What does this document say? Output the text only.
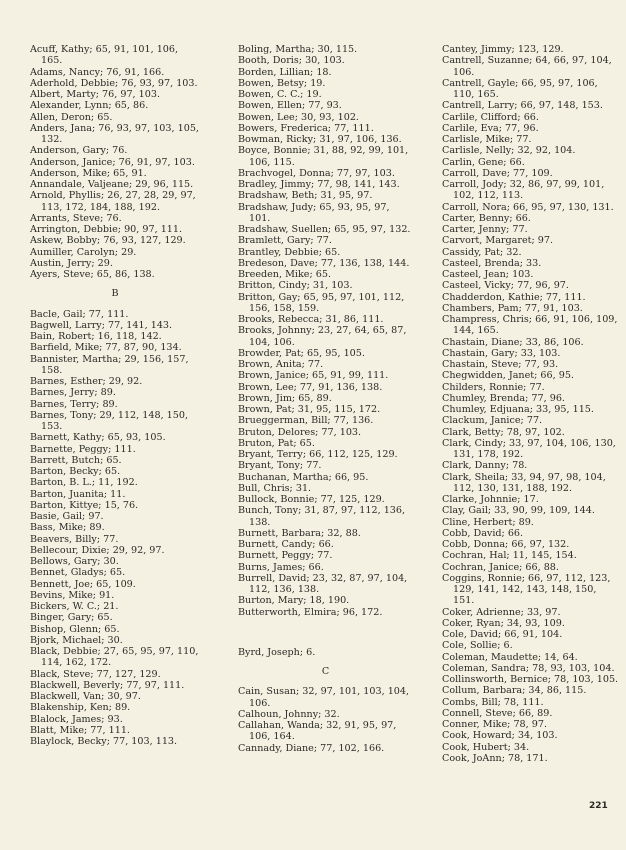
Acuff, Kathy; 65, 91, 101, 106, 165.

Adams, Nancy; 76, 91, 166.

Aderhold, Debbie; 76, 93, 97, 103.

Albert, Marty; 76, 97, 103.

Alexander, Lynn; 65, 86.

Allen, Deron; 65.

Anders, Jana; 76, 93, 97, 103, 105, 132.

Anderson, Gary; 76.

Anderson, Janice; 76, 91, 97, 103.

Anderson, Mike; 65, 91.

Annandale, Valjeane; 29, 96, 115.

Arnold, Phyllis; 26, 27, 28, 29, 97, 113, 172, 184, 188, 192.

Arrants, Steve; 76.

Arrington, Debbie; 90, 97, 111.

Askew, Bobby; 76, 93, 127, 129.

Aumiller, Carolyn; 29.

Austin, Jerry; 29.

Ayers, Steve; 65, 86, 138.

B

Bacle, Gail; 77, 111.

Bagwell, Larry; 77, 141, 143.

Bain, Robert; 16, 118, 142.

Barfield, Mike; 77, 87, 90, 134.

Bannister, Martha; 29, 156, 157, 158.

Barnes, Esther; 29, 92.

Barnes, Jerry; 89.

Barnes, Terry; 89.

Barnes, Tony; 29, 112, 148, 150, 153.

Barnett, Kathy; 65, 93, 105.

Barnette, Peggy; 111.

Barrett, Butch; 65.

Barton, Becky; 65.

Barton, B. L.; 11, 192.

Barton, Juanita; 11.

Barton, Kittye; 15, 76.

Basie, Gail; 97.

Bass, Mike; 89.

Beavers, Billy; 77.

Bellecour, Dixie; 29, 92, 97.

Bellows, Gary; 30.

Bennet, Gladys; 65.

Bennett, Joe; 65, 109.

Bevins, Mike; 91.

Bickers, W. C.; 21.

Binger, Gary; 65.

Bishop, Glenn; 65.

Bjork, Michael; 30.

Black, Debbie; 27, 65, 95, 97, 110, 114, 162, 172.

Black, Steve; 77, 127, 129.

Blackwell, Beverly; 77, 97, 111.

Blackwell, Van; 30, 97.

Blakenship, Ken; 89.

Blalock, James; 93.

Blatt, Mike; 77, 111.

Blaylock, Becky; 77, 103, 113.

Boling, Martha; 30, 115.

Booth, Doris; 30, 103.

Borden, Lillian; 18.

Bowen, Betsy; 19.

Bowen, C. C.; 19.

Bowen, Ellen; 77, 93.

Bowen, Lee; 30, 93, 102.

Bowers, Frederica; 77, 111.

Bowman, Ricky; 31, 97, 106, 136.

Boyce, Bonnie; 31, 88, 92, 99, 101, 106, 115.

Brachvogel, Donna; 77, 97, 103.

Bradley, Jimmy; 77, 98, 141, 143.

Bradshaw, Beth; 31, 95, 97.

Bradshaw, Judy; 65, 93, 95, 97, 101.

Bradshaw, Suellen; 65, 95, 97, 132.

Bramlett, Gary; 77.

Brantley, Debbie; 65.

Bredeson, Dave; 77, 136, 138, 144.

Breeden, Mike; 65.

Britton, Cindy; 31, 103.

Britton, Gay; 65, 95, 97, 101, 112, 156, 158, 159.

Brooks, Rebecca; 31, 86, 111.

Brooks, Johnny; 23, 27, 64, 65, 87, 104, 106.

Browder, Pat; 65, 95, 105.

Brown, Anita; 77.

Brown, Janice; 65, 91, 99, 111.

Brown, Lee; 77, 91, 136, 138.

Brown, Jim; 65, 89.

Brown, Pat; 31, 95, 115, 172.

Brueggerman, Bill; 77, 136.

Bruton, Delores; 77, 103.

Bruton, Pat; 65.

Bryant, Terry; 66, 112, 125, 129.

Bryant, Tony; 77.

Buchanan, Martha; 66, 95.

Bull, Chris; 31.

Bullock, Bonnie; 77, 125, 129.

Bunch, Tony; 31, 87, 97, 112, 136, 138.

Burnett, Barbara; 32, 88.

Burnett, Candy; 66.

Burnett, Peggy; 77.

Burns, James; 66.

Burrell, David; 23, 32, 87, 97, 104, 112, 136, 138.

Burton, Mary; 18, 190.

Butterworth, Elmira; 96, 172.

Byrd, Joseph; 6.

C

Cain, Susan; 32, 97, 101, 103, 104, 106.

Calhoun, Johnny; 32.

Callahan, Wanda; 32, 91, 95, 97, 106, 164.

Cannady, Diane; 77, 102, 166.

Cantey, Jimmy; 123, 129.

Cantrell, Suzanne; 64, 66, 97, 104, 106.

Cantrell, Gayle; 66, 95, 97, 106, 110, 165.

Cantrell, Larry; 66, 97, 148, 153.

Carlile, Clifford; 66.

Carlile, Eva; 77, 96.

Carlisle, Mike; 77.

Carlisle, Nelly; 32, 92, 104.

Carlin, Gene; 66.

Carroll, Dave; 77, 109.

Carroll, Jody; 32, 86, 97, 99, 101, 102, 112, 113.

Carroll, Nora; 66, 95, 97, 130, 131.

Carter, Benny; 66.

Carter, Jenny; 77.

Carvort, Margaret; 97.

Cassidy, Pat; 32.

Casteel, Brenda; 33.

Casteel, Jean; 103.

Casteel, Vicky; 77, 96, 97.

Chadderdon, Kathie; 77, 111.

Chambers, Pam; 77, 91, 103.

Champress, Chris; 66, 91, 106, 109, 144, 165.

Chastain, Diane; 33, 86, 106.

Chastain, Gary; 33, 103.

Chastain, Steve; 77, 93.

Chegwidden, Janet; 66, 95.

Childers, Ronnie; 77.

Chumley, Brenda; 77, 96.

Chumley, Edjuana; 33, 95, 115.

Clackum, Janice; 77.

Clark, Betty; 78, 97, 102.

Clark, Cindy; 33, 97, 104, 106, 130, 131, 178, 192.

Clark, Danny; 78.

Clark, Sheila; 33, 94, 97, 98, 104, 112, 130, 131, 188, 192.

Clarke, Johnnie; 17.

Clay, Gail; 33, 90, 99, 109, 144.

Cline, Herbert; 89.

Cobb, David; 66.

Cobb, Donna; 66, 97, 132.

Cochran, Hal; 11, 145, 154.

Cochran, Janice; 66, 88.

Coggins, Ronnie; 66, 97, 112, 123, 129, 141, 142, 143, 148, 150, 151.

Coker, Adrienne; 33, 97.

Coker, Ryan; 34, 93, 109.

Cole, David; 66, 91, 104.

Cole, Sollie; 6.

Coleman, Maudette; 14, 64.

Coleman, Sandra; 78, 93, 103, 104.

Collinsworth, Bernice; 78, 103, 105.

Collum, Barbara; 34, 86, 115.

Combs, Bill; 78, 111.

Connell, Steve; 66, 89.

Conner, Mike; 78, 97.

Cook, Howard; 34, 103.

Cook, Hubert; 34.

Cook, JoAnn; 78, 171.

221
